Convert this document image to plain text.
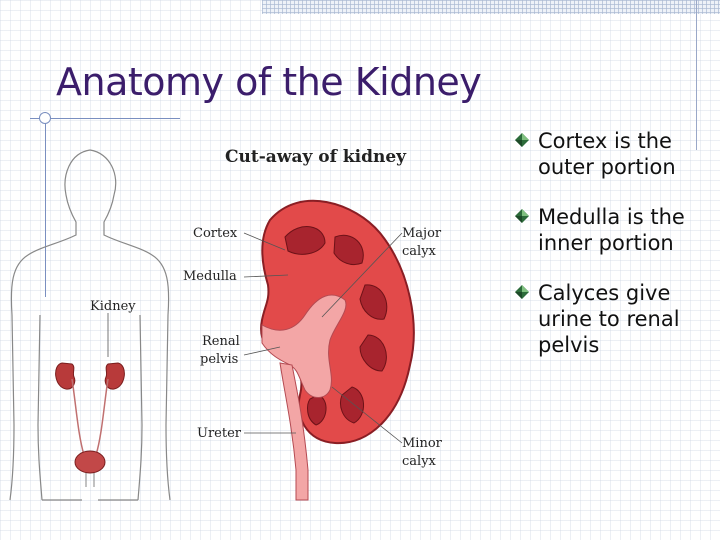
Anatomy of the Kidney
Cut-away of kidney
Kidney
Cortex
Medulla
Renal
pelvis
Ureter
Major
calyx
Minor
calyx
Cortex is the outer portion
Medulla is the inner portion
Calyces give urine to renal pelvis
